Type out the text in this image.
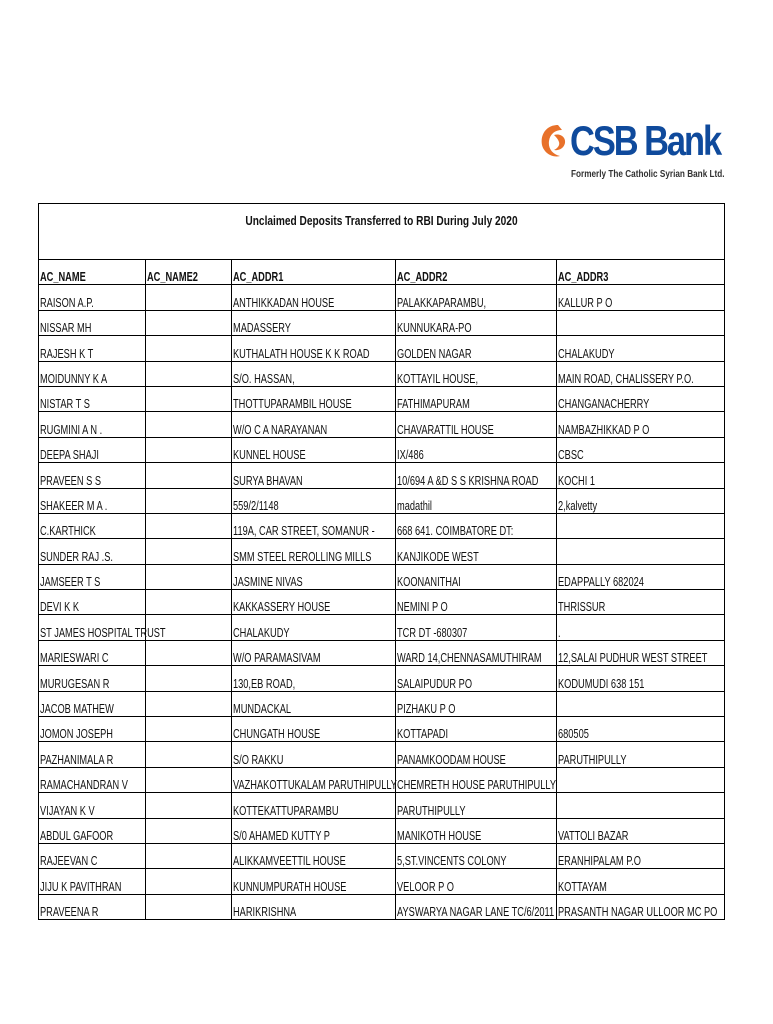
CSB Bank
Formerly The Catholic Syrian Bank Ltd.
Unclaimed Deposits Transferred to RBI During July 2020
AC_NAME	AC_NAME2	AC_ADDR1	AC_ADDR2	AC_ADDR3
RAISON A.P.		ANTHIKKADAN HOUSE	PALAKKAPARAMBU,	KALLUR P O
NISSAR MH		MADASSERY	KUNNUKARA-PO	
RAJESH K T		KUTHALATH HOUSE K K ROAD	GOLDEN NAGAR	CHALAKUDY
MOIDUNNY K A		S/O. HASSAN,	KOTTAYIL HOUSE,	MAIN ROAD, CHALISSERY P.O.
NISTAR T S		THOTTUPARAMBIL HOUSE	FATHIMAPURAM	CHANGANACHERRY
RUGMINI A N .		W/O C A NARAYANAN	CHAVARATTIL HOUSE	NAMBAZHIKKAD P O
DEEPA SHAJI		KUNNEL HOUSE	IX/486	CBSC
PRAVEEN S S		SURYA BHAVAN	10/694 A &D S S KRISHNA ROAD	KOCHI 1
SHAKEER M A .		559/2/1148	madathil	2,kalvetty
C.KARTHICK		119A, CAR STREET, SOMANUR -	668 641. COIMBATORE DT:	
SUNDER RAJ .S.		SMM STEEL REROLLING MILLS	KANJIKODE WEST	
JAMSEER T S		JASMINE NIVAS	KOONANITHAI	EDAPPALLY 682024
DEVI K K		KAKKASSERY HOUSE	NEMINI P O	THRISSUR
ST JAMES HOSPITAL TRUST		CHALAKUDY	TCR DT -680307	.
MARIESWARI C		W/O PARAMASIVAM	WARD 14,CHENNASAMUTHIRAM	12,SALAI PUDHUR WEST STREET
MURUGESAN R		130,EB ROAD,	SALAIPUDUR PO	KODUMUDI 638 151
JACOB MATHEW		MUNDACKAL	PIZHAKU P O	
JOMON JOSEPH		CHUNGATH HOUSE	KOTTAPADI	680505
PAZHANIMALA R		S/O RAKKU	PANAMKOODAM HOUSE	PARUTHIPULLY
RAMACHANDRAN V		VAZHAKOTTUKALAM PARUTHIPULLY	CHEMRETH HOUSE PARUTHIPULLY	
VIJAYAN K V		KOTTEKATTUPARAMBU	PARUTHIPULLY	
ABDUL GAFOOR		S/0 AHAMED KUTTY P	MANIKOTH HOUSE	VATTOLI BAZAR
RAJEEVAN C		ALIKKAMVEETTIL HOUSE	5,ST.VINCENTS COLONY	ERANHIPALAM P.O
JIJU K PAVITHRAN		KUNNUMPURATH HOUSE	VELOOR P O	KOTTAYAM
PRAVEENA R		HARIKRISHNA	AYSWARYA NAGAR LANE TC/6/2011	PRASANTH NAGAR ULLOOR MC PO
